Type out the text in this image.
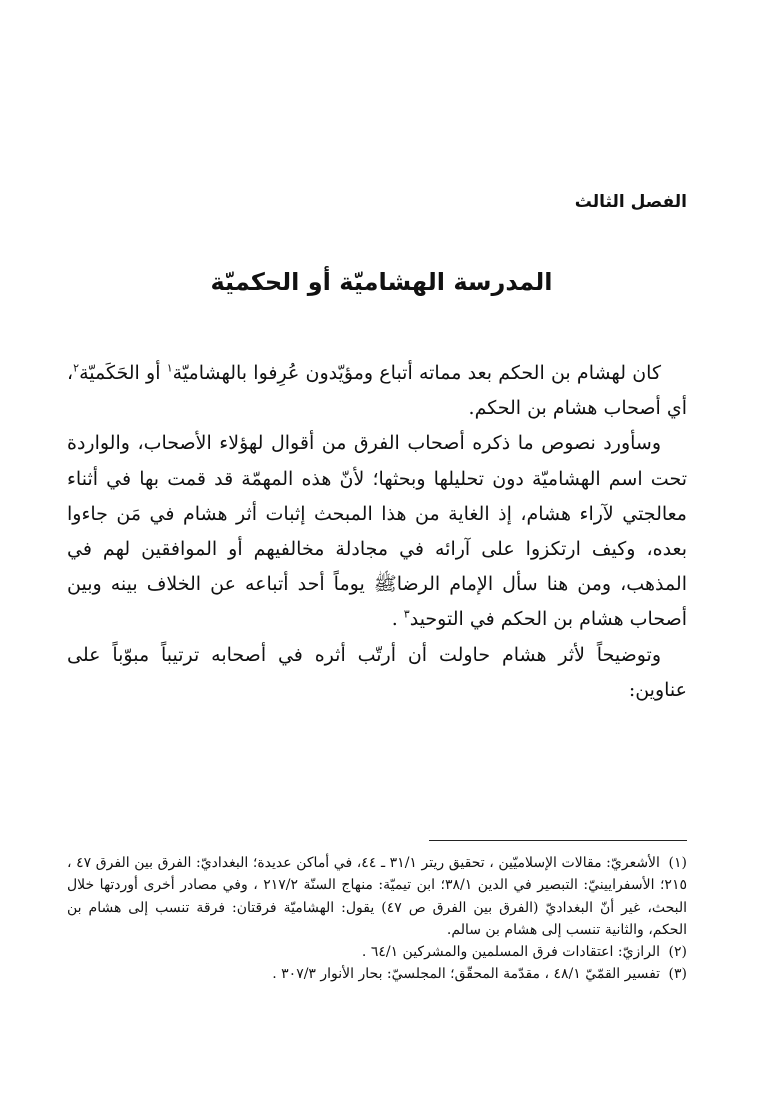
الفصل الثالث
المدرسة الهشاميّة أو الحكميّة

كان لهشام بن الحكم بعد مماته أتباع ومؤيّدون عُرِفوا بالهشاميّة$^١$ أو الحَكَميّة$^٢$، أي أصحاب هشام بن الحكم.

وسأورد نصوص ما ذكره أصحاب الفرق من أقوال لهؤلاء الأصحاب، والواردة تحت اسم الهشاميّة دون تحليلها وبحثها؛ لأنّ هذه المهمّة قد قمت بها في أثناء معالجتي لآراء هشام، إذ الغاية من هذا المبحث إثبات أثر هشام في مَن جاءوا بعده، وكيف ارتكزوا على آرائه في مجادلة مخالفيهم أو الموافقين لهم في المذهب، ومن هنا سأل الإمام الرضاﷺ يوماً أحد أتباعه عن الخلاف بينه وبين أصحاب هشام بن الحكم في التوحيد$^٣$ .

وتوضيحاً لأثر هشام حاولت أن أرتّب أثره في أصحابه ترتيباً مبوّباً على عناوين:

(١) الأشعريّ: مقالات الإسلاميّين ، تحقيق ريتر ٣١/١ ـ ٤٤، في أماكن عديدة؛ البغداديّ: الفرق بين الفرق ٤٧ ، ٢١٥؛ الأسفرايينيّ: التبصير في الدين ٣٨/١؛ ابن تيميّة: منهاج السنّة ٢١٧/٢ ، وفي مصادر أخرى أوردتها خلال البحث، غير أنّ البغداديّ (الفرق بين الفرق ص ٤٧) يقول: الهشاميّة فرقتان: فرقة تنسب إلى هشام بن الحكم، والثانية تنسب إلى هشام بن سالم.

(٢) الرازيّ: اعتقادات فرق المسلمين والمشركين ٦٤/١ .

(٣) تفسير القمّيّ ٤٨/١ ، مقدّمة المحقّق؛ المجلسيّ: بحار الأنوار ٣٠٧/٣ .
